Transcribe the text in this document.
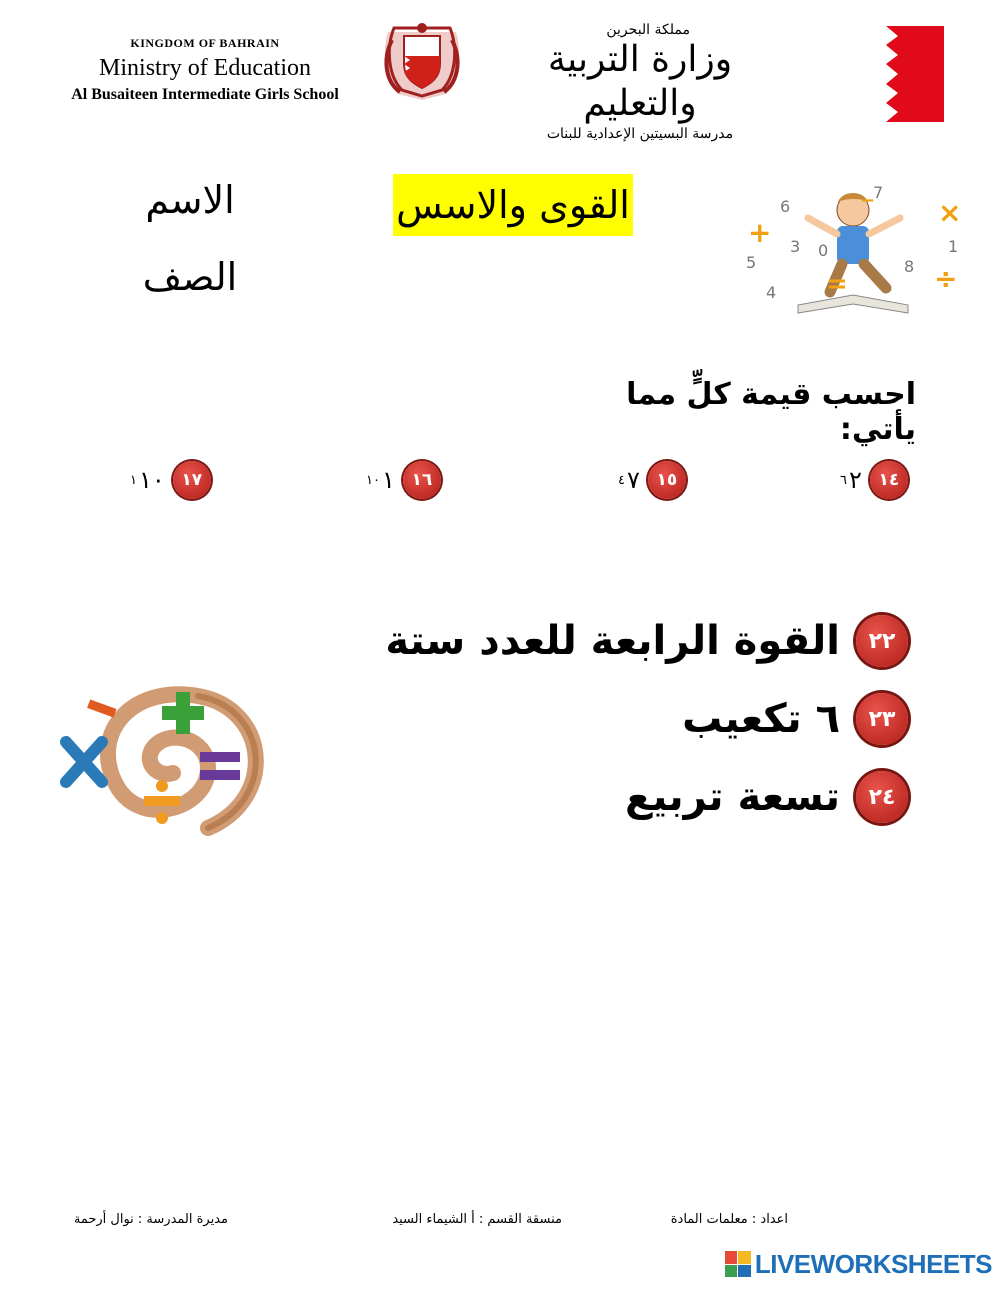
KINGDOM OF BAHRAIN
Ministry of Education
Al Busaiteen Intermediate Girls School
مملكة البحرين
وزارة التربية والتعليم
مدرسة البسيتين الإعدادية للبنات
الاسم
الصف
القوى والاسس
+
×
=	÷
−
6
7
3 0	1
5	8
4
احسب قيمة كلٍّ مما يأتي:
١٤
٢
٦
١٥
٧
٤
١٦
١
١٠
١٧
١٠
١
٢٢
القوة الرابعة للعدد ستة
٢٣
٦ تكعيب
٢٤
تسعة تربيع
اعداد : معلمات المادة
منسقة القسم : أ الشيماء السيد
مديرة المدرسة : نوال أرحمة
LIVEWORKSHEETS
